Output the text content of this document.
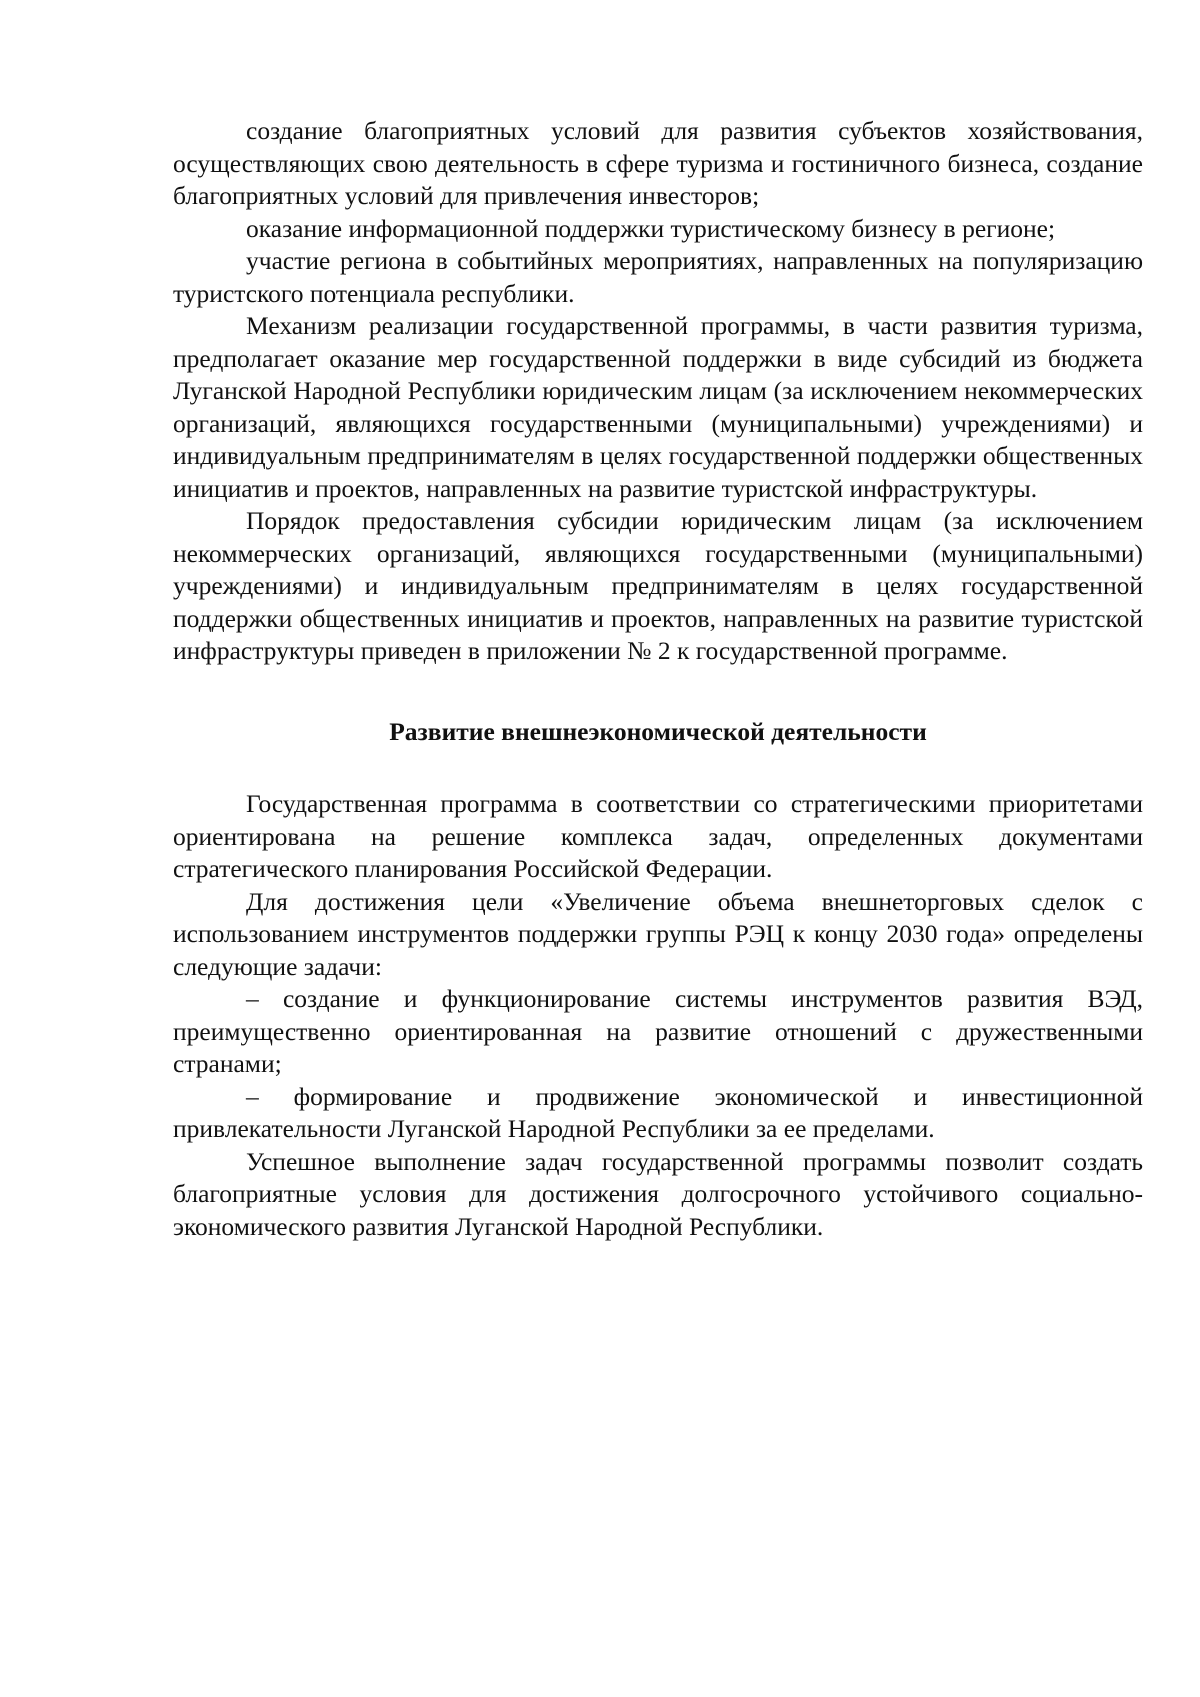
создание благоприятных условий для развития субъектов хозяйствования, осуществляющих свою деятельность в сфере туризма и гостиничного бизнеса, создание благоприятных условий для привлечения инвесторов;

оказание информационной поддержки туристическому бизнесу в регионе;

участие региона в событийных мероприятиях, направленных на популяризацию туристского потенциала республики.

Механизм реализации государственной программы, в части развития туризма, предполагает оказание мер государственной поддержки в виде субсидий из бюджета Луганской Народной Республики юридическим лицам (за исключением некоммерческих организаций, являющихся государственными (муниципальными) учреждениями) и индивидуальным предпринимателям в целях государственной поддержки общественных инициатив и проектов, направленных на развитие туристской инфраструктуры.

Порядок предоставления субсидии юридическим лицам (за исключением некоммерческих организаций, являющихся государственными (муниципальными) учреждениями) и индивидуальным предпринимателям в целях государственной поддержки общественных инициатив и проектов, направленных на развитие туристской инфраструктуры приведен в приложении № 2 к государственной программе.

Развитие внешнеэкономической деятельности

Государственная программа в соответствии со стратегическими приоритетами ориентирована на решение комплекса задач, определенных документами стратегического планирования Российской Федерации.

Для достижения цели «Увеличение объема внешнеторговых сделок с использованием инструментов поддержки группы РЭЦ к концу 2030 года» определены следующие задачи:

– создание и функционирование системы инструментов развития ВЭД, преимущественно ориентированная на развитие отношений с дружественными странами;

– формирование и продвижение экономической и инвестиционной привлекательности Луганской Народной Республики за ее пределами.

Успешное выполнение задач государственной программы позволит создать благоприятные условия для достижения долгосрочного устойчивого социально-экономического развития Луганской Народной Республики.
